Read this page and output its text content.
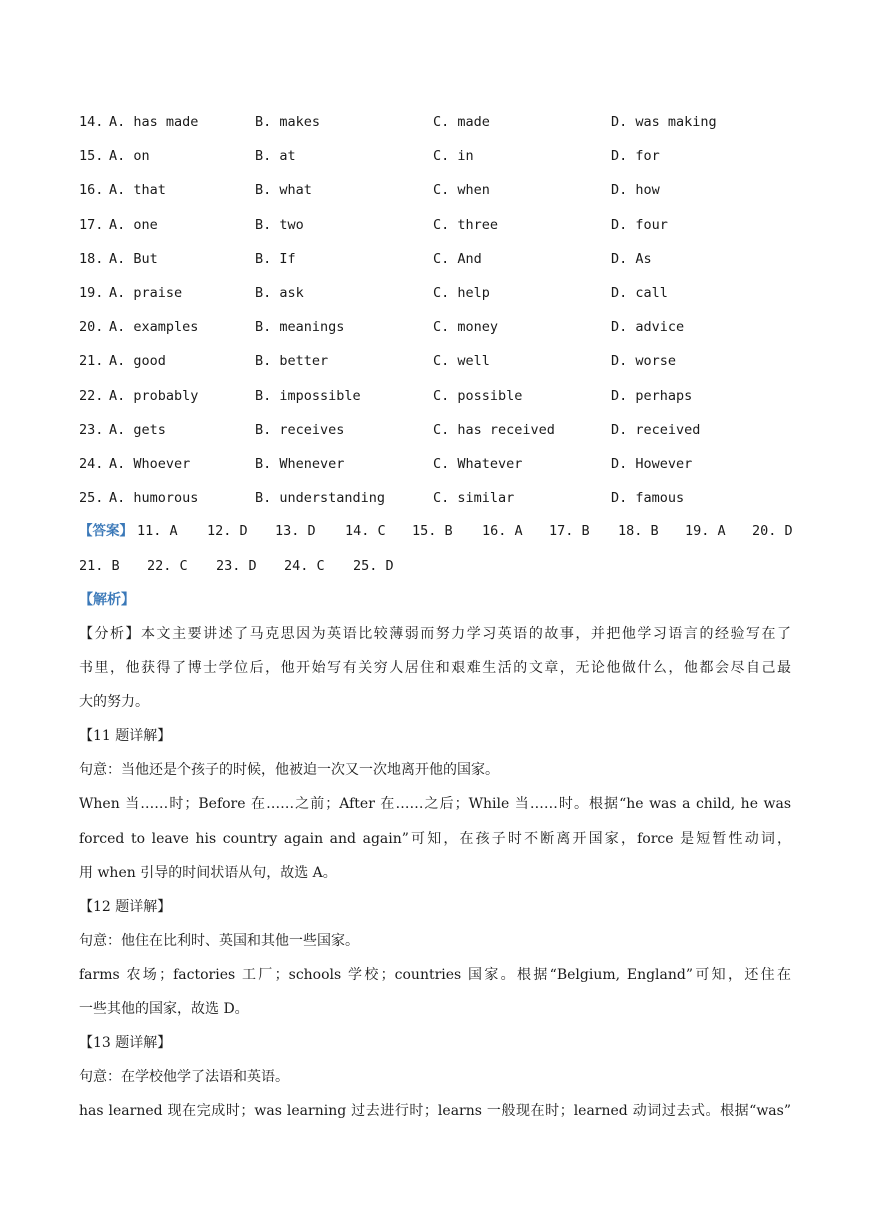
14. A. has made	B. makes	C. made	D. was making
15. A. on	B. at	C. in	D. for
16. A. that	B. what	C. when	D. how
17. A. one	B. two	C. three	D. four
18. A. But	B. If	C. And	D. As
19. A. praise	B. ask	C. help	D. call
20. A. examples	B. meanings	C. money	D. advice
21. A. good	B. better	C. well	D. worse
22. A. probably	B. impossible	C. possible	D. perhaps
23. A. gets	B. receives	C. has received	D. received
24. A. Whoever	B. Whenever	C. Whatever	D. However
25. A. humorous	B. understanding	C. similar	D. famous
【答案】 11. A 12. D 13. D 14. C 15. B 16. A 17. B 18. B 19. A 20. D
21. B 22. C 23. D 24. C 25. D
【解析】
【分析】本文主要讲述了马克思因为英语比较薄弱而努力学习英语的故事，并把他学习语言的经验写在了
书里，他获得了博士学位后，他开始写有关穷人居住和艰难生活的文章，无论他做什么，他都会尽自己最
大的努力。
【11 题详解】
句意：当他还是个孩子的时候，他被迫一次又一次地离开他的国家。
When 当……时；Before 在……之前；After 在……之后；While 当……时。根据“he was a child, he was
forced to leave his country again and again”可知，在孩子时不断离开国家，force 是短暂性动词，
用 when 引导的时间状语从句，故选 A。
【12 题详解】
句意：他住在比利时、英国和其他一些国家。
farms 农场；factories 工厂；schools 学校；countries 国家。根据“Belgium, England”可知，还住在
一些其他的国家，故选 D。
【13 题详解】
句意：在学校他学了法语和英语。
has learned 现在完成时；was learning 过去进行时；learns 一般现在时；learned 动词过去式。根据“was”
